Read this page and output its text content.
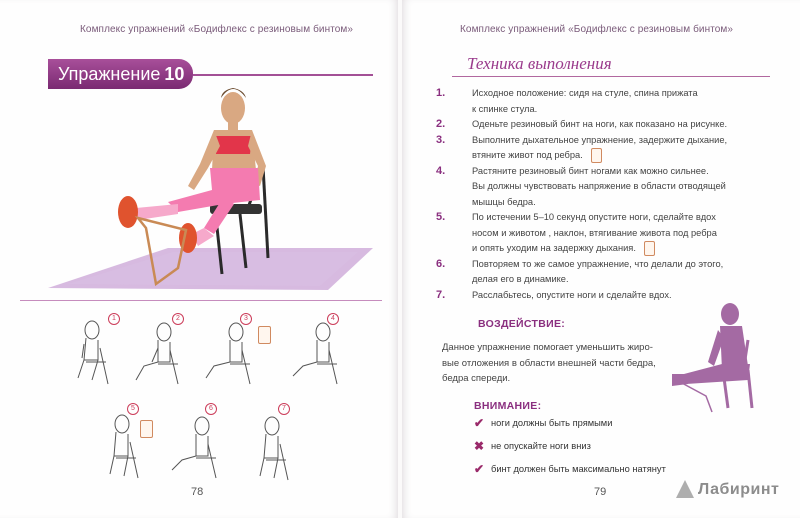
Комплекс упражнений «Бодифлекс с резиновым бинтом»
Упражнение 10
1	2	3	4
5	6	7
78
Комплекс упражнений «Бодифлекс с резиновым бинтом»
Техника выполнения
1.	Исходное положение: сидя на стуле, спина прижата
к спинке стула.
2.	Оденьте резиновый бинт на ноги, как показано на рисунке.
3.	Выполните дыхательное упражнение, задержите дыхание,
втяните живот под ребра.
4.	Растяните резиновый бинт ногами как можно сильнее.
Вы должны чувствовать напряжение в области отводящей
мышцы бедра.
5.	По истечении 5–10 секунд опустите ноги, сделайте вдох
носом и животом , наклон, втягивание живота под ребра
и опять уходим на задержку дыхания.
6.	Повторяем то же самое упражнение, что делали до этого,
делая его в динамике.
7.	Расслабьтесь, опустите ноги и сделайте вдох.
ВОЗДЕЙСТВИЕ:
Данное упражнение помогает уменьшить жиро-
вые отложения в области внешней части бедра,
бедра спереди.
ВНИМАНИЕ:
✔ ноги должны быть прямыми
✖ не опускайте ноги вниз
✔ бинт должен быть максимально натянут
79	Лабиринт
